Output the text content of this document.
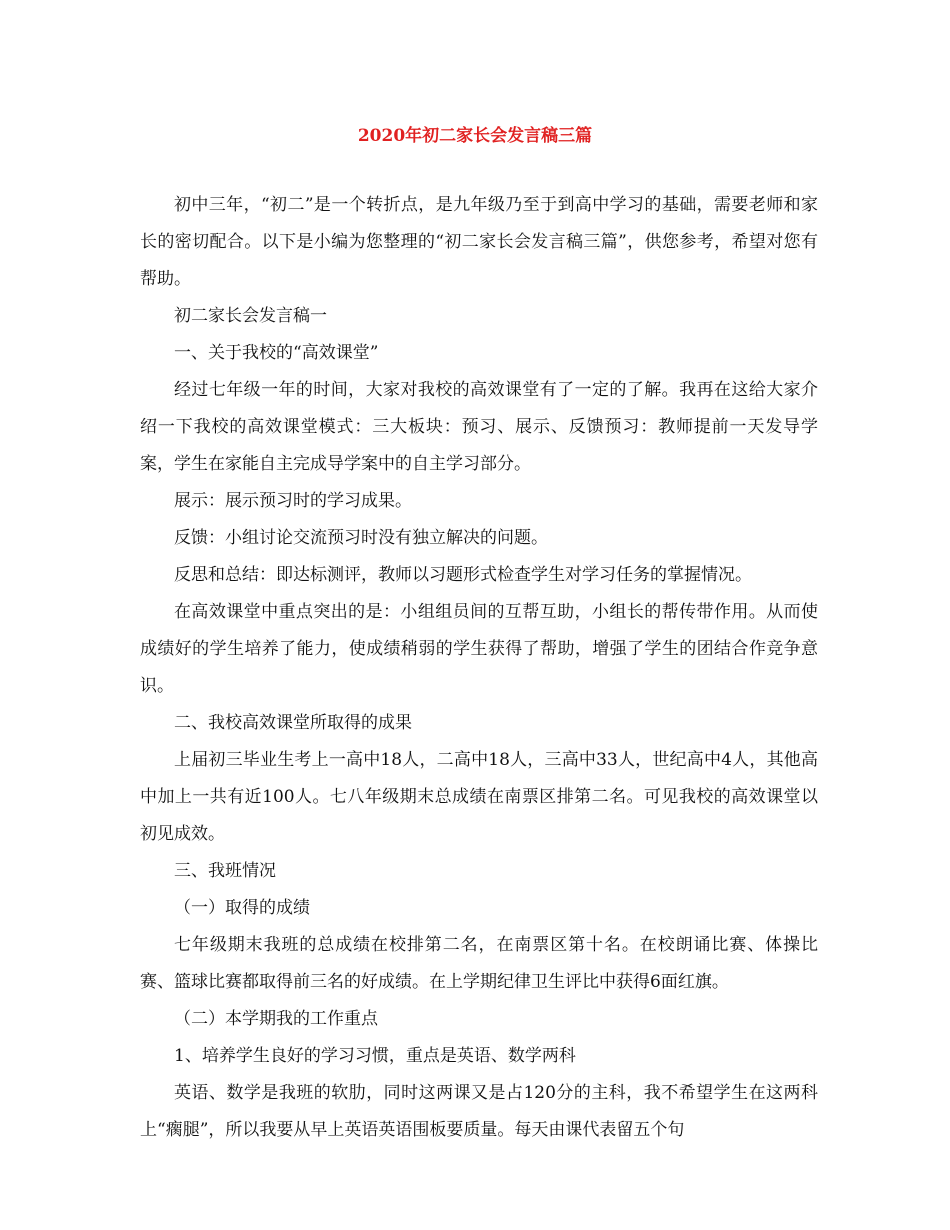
2020年初二家长会发言稿三篇

初中三年，“初二”是一个转折点，是九年级乃至于到高中学习的基础，需要老师和家长的密切配合。以下是小编为您整理的“初二家长会发言稿三篇”，供您参考，希望对您有帮助。

初二家长会发言稿一

一、关于我校的“高效课堂”

经过七年级一年的时间，大家对我校的高效课堂有了一定的了解。我再在这给大家介绍一下我校的高效课堂模式：三大板块：预习、展示、反馈预习：教师提前一天发导学案，学生在家能自主完成导学案中的自主学习部分。

展示：展示预习时的学习成果。

反馈：小组讨论交流预习时没有独立解决的问题。

反思和总结：即达标测评，教师以习题形式检查学生对学习任务的掌握情况。

在高效课堂中重点突出的是：小组组员间的互帮互助，小组长的帮传带作用。从而使成绩好的学生培养了能力，使成绩稍弱的学生获得了帮助，增强了学生的团结合作竞争意识。

二、我校高效课堂所取得的成果

上届初三毕业生考上一高中18人，二高中18人，三高中33人，世纪高中4人，其他高中加上一共有近100人。七八年级期末总成绩在南票区排第二名。可见我校的高效课堂以初见成效。

三、我班情况

（一）取得的成绩

七年级期末我班的总成绩在校排第二名，在南票区第十名。在校朗诵比赛、体操比赛、篮球比赛都取得前三名的好成绩。在上学期纪律卫生评比中获得6面红旗。

（二）本学期我的工作重点

1、培养学生良好的学习习惯，重点是英语、数学两科

英语、数学是我班的软肋，同时这两课又是占120分的主科，我不希望学生在这两科上“瘸腿”，所以我要从早上英语英语围板要质量。每天由课代表留五个句
